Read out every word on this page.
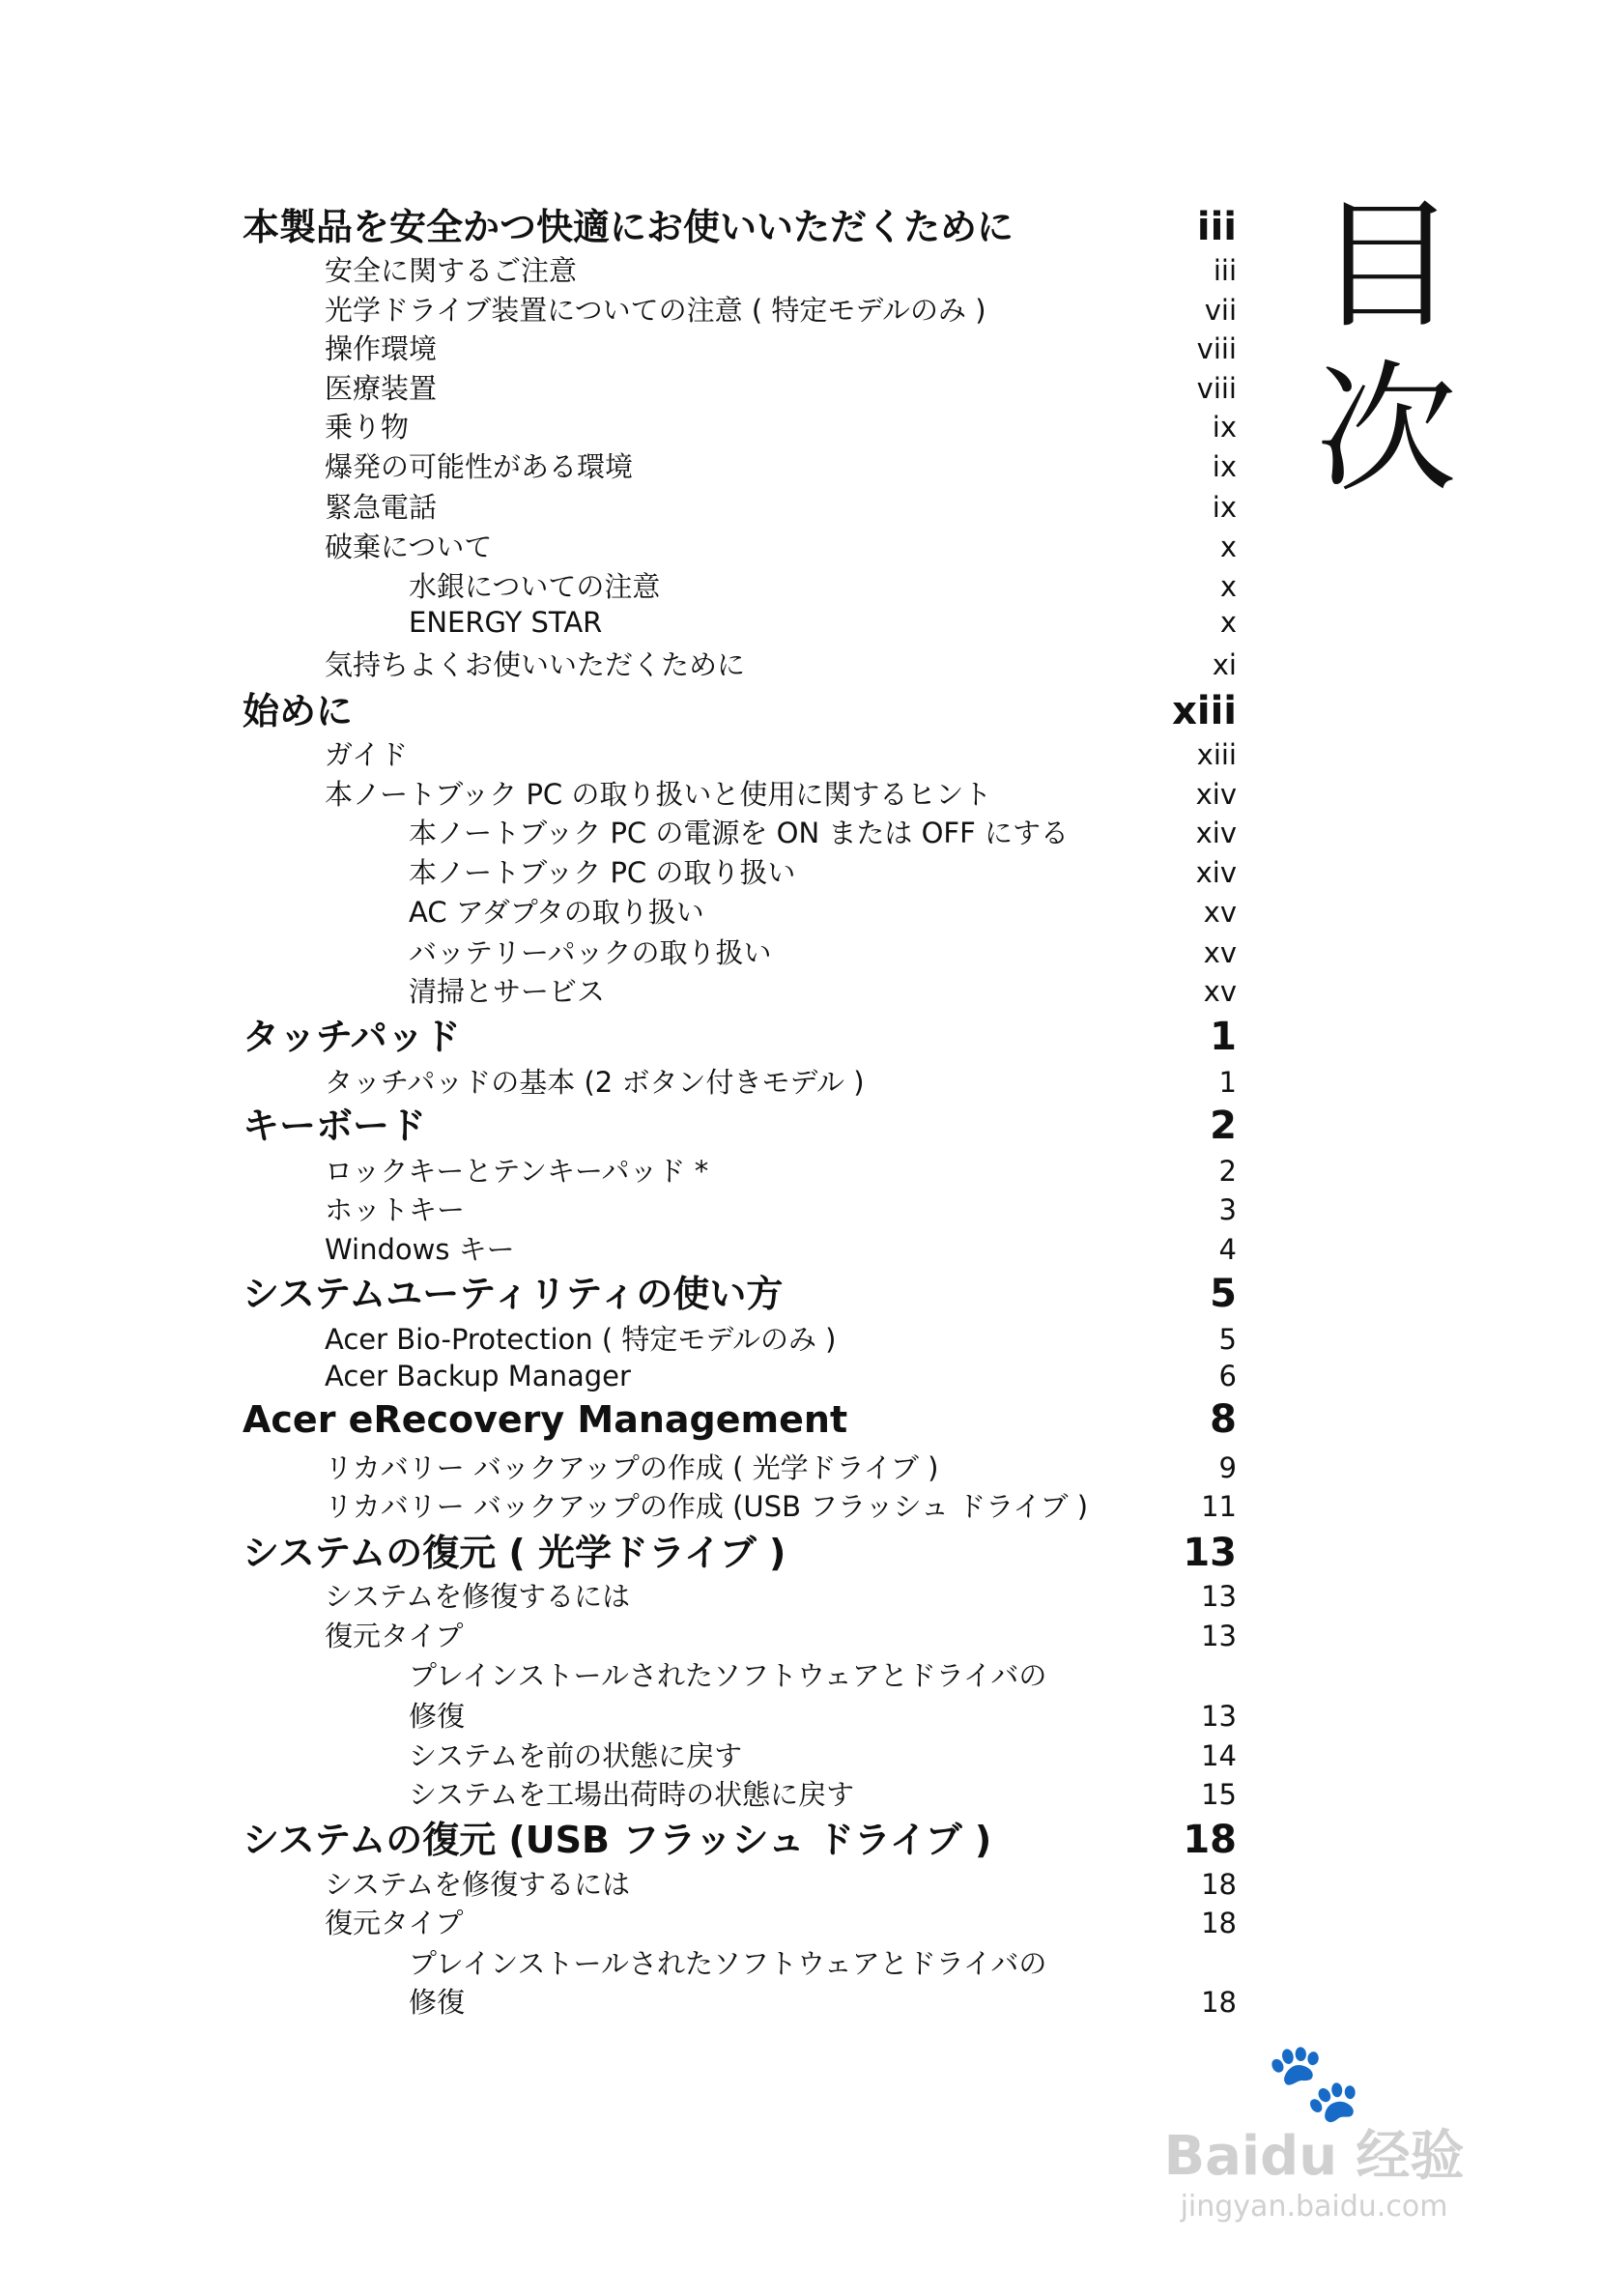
目次
本製品を安全かつ快適にお使いいただくために	iii
安全に関するご注意	iii
光学ドライブ装置についての注意 ( 特定モデルのみ )	vii
操作環境	viii
医療装置	viii
乗り物	ix
爆発の可能性がある環境	ix
緊急電話	ix
破棄について	x
水銀についての注意	x
ENERGY STAR	x
気持ちよくお使いいただくために	xi
始めに	xiii
ガイド	xiii
本ノートブック PC の取り扱いと使用に関するヒント	xiv
本ノートブック PC の電源を ON または OFF にする	xiv
本ノートブック PC の取り扱い	xiv
AC アダプタの取り扱い	xv
バッテリーパックの取り扱い	xv
清掃とサービス	xv
タッチパッド	1
タッチパッドの基本 (2 ボタン付きモデル )	1
キーボード	2
ロックキーとテンキーパッド *	2
ホットキー	3
Windows キー	4
システムユーティリティの使い方	5
Acer Bio-Protection ( 特定モデルのみ )	5
Acer Backup Manager	6
Acer eRecovery Management	8
リカバリー バックアップの作成 ( 光学ドライブ )	9
リカバリー バックアップの作成 (USB フラッシュ ドライブ )	11
システムの復元 ( 光学ドライブ )	13
システムを修復するには	13
復元タイプ	13
プレインストールされたソフトウェアとドライバの
修復	13
システムを前の状態に戻す	14
システムを工場出荷時の状態に戻す	15
システムの復元 (USB フラッシュ ドライブ )	18
システムを修復するには	18
復元タイプ	18
プレインストールされたソフトウェアとドライバの
修復	18
🐾
Baidu 经验
jingyan.baidu.com
